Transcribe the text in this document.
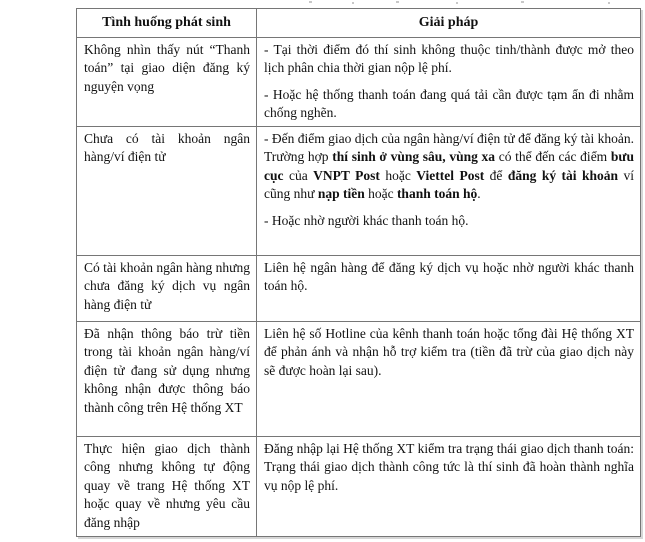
Tình huống phát sinh	Giải pháp

Không nhìn thấy nút “Thanh toán” tại giao diện đăng ký nguyện vọng	- Tại thời điểm đó thí sinh không thuộc tinh/thành được mở theo lịch phân chia thời gian nộp lệ phí.
- Hoặc hệ thống thanh toán đang quá tải cần được tạm ẩn đi nhằm chống nghẽn.

Chưa có tài khoản ngân hàng/ví điện tử	- Đến điểm giao dịch của ngân hàng/ví điện tử để đăng ký tài khoản. Trường hợp thí sinh ở vùng sâu, vùng xa có thể đến các điểm bưu cục của VNPT Post hoặc Viettel Post để đăng ký tài khoản ví cũng như nạp tiền hoặc thanh toán hộ.
- Hoặc nhờ người khác thanh toán hộ.

Có tài khoản ngân hàng nhưng chưa đăng ký dịch vụ ngân hàng điện tử	Liên hệ ngân hàng để đăng ký dịch vụ hoặc nhờ người khác thanh toán hộ.

Đã nhận thông báo trừ tiền trong tài khoản ngân hàng/ví điện tử đang sử dụng nhưng không nhận được thông báo thành công trên Hệ thống XT	Liên hệ số Hotline của kênh thanh toán hoặc tổng đài Hệ thống XT để phản ánh và nhận hỗ trợ kiểm tra (tiền đã trừ của giao dịch này sẽ được hoàn lại sau).

Thực hiện giao dịch thành công nhưng không tự động quay về trang Hệ thống XT hoặc quay về nhưng yêu cầu đăng nhập	Đăng nhập lại Hệ thống XT kiểm tra trạng thái giao dịch thanh toán: Trạng thái giao dịch thành công tức là thí sinh đã hoàn thành nghĩa vụ nộp lệ phí.
